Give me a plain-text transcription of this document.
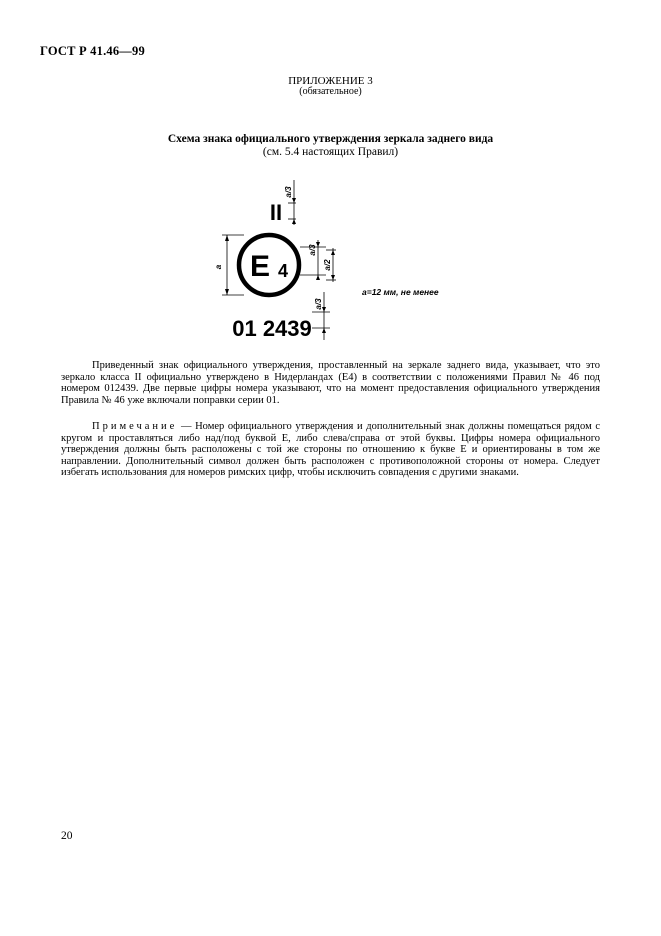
ГОСТ Р 41.46—99
ПРИЛОЖЕНИЕ 3
(обязательное)
Схема знака официального утверждения зеркала заднего вида
(см. 5.4 настоящих Правил)
II
E 4
01 2439
a
a/3
a/3
a/2
a/3
a=12 мм, не менее
Приведенный знак официального утверждения, проставленный на зеркале заднего вида, указывает, что это зеркало класса II официально утверждено в Нидерландах (E4) в соответствии с положениями Правил № 46 под номером 012439. Две первые цифры номера указывают, что на момент предоставления официального утверждения Правила № 46 уже включали поправки серии 01.
Примечание — Номер официального утверждения и дополнительный знак должны помещаться рядом с кругом и проставляться либо над/под буквой E, либо слева/справа от этой буквы. Цифры номера официального утверждения должны быть расположены с той же стороны по отношению к букве E и ориентированы в том же направлении. Дополнительный символ должен быть расположен с противоположной стороны от номера. Следует избегать использования для номеров римских цифр, чтобы исключить совпадения с другими знаками.
20
